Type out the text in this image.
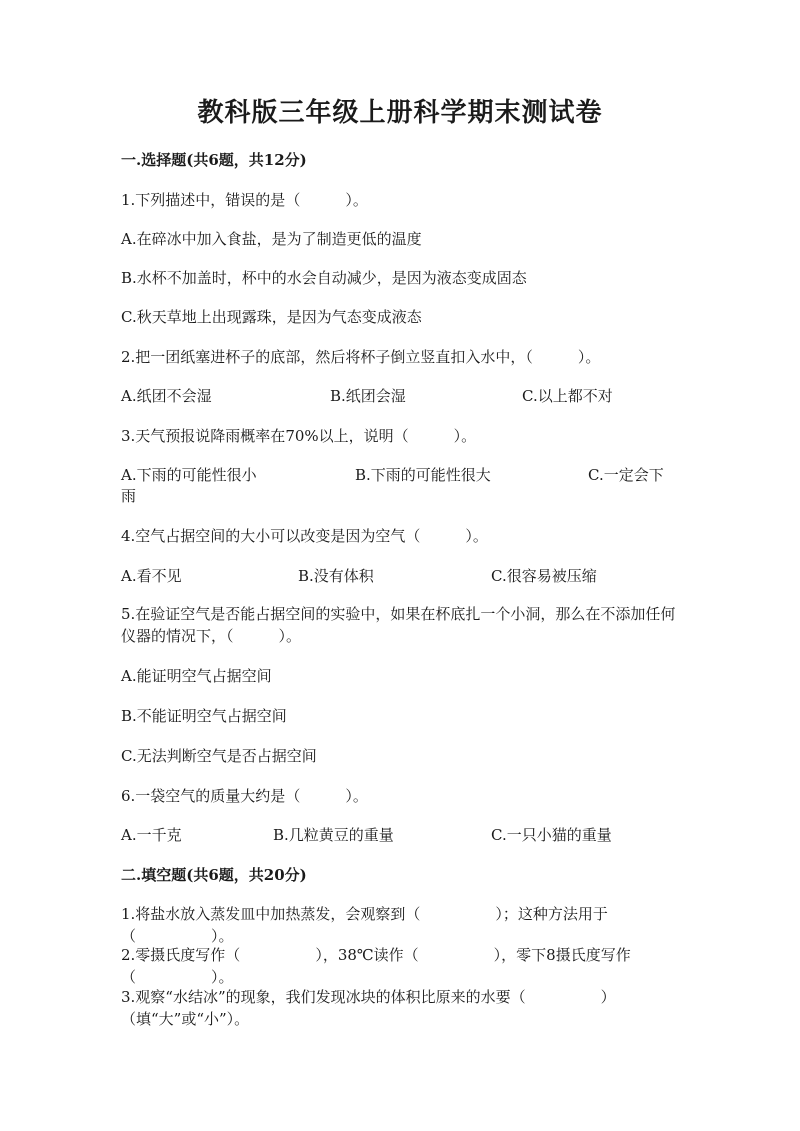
教科版三年级上册科学期末测试卷
一.选择题(共6题，共12分)
1.下列描述中，错误的是（　　　）。
A.在碎冰中加入食盐，是为了制造更低的温度
B.水杯不加盖时，杯中的水会自动减少，是因为液态变成固态
C.秋天草地上出现露珠，是因为气态变成液态
2.把一团纸塞进杯子的底部，然后将杯子倒立竖直扣入水中，（　　　）。
A.纸团不会湿	B.纸团会湿	C.以上都不对
3.天气预报说降雨概率在70%以上，说明（　　　）。
A.下雨的可能性很小	B.下雨的可能性很大	C.一定会下
雨
4.空气占据空间的大小可以改变是因为空气（　　　）。
A.看不见	B.没有体积	C.很容易被压缩
5.在验证空气是否能占据空间的实验中，如果在杯底扎一个小洞，那么在不添加任何仪器的情况下，（　　　）。
A.能证明空气占据空间
B.不能证明空气占据空间
C.无法判断空气是否占据空间
6.一袋空气的质量大约是（　　　）。
A.一千克	B.几粒黄豆的重量	C.一只小猫的重量
二.填空题(共6题，共20分)
1.将盐水放入蒸发皿中加热蒸发，会观察到（　　　　　）；这种方法用于（　　　　　）。
2.零摄氏度写作（　　　　　），38℃读作（　　　　　），零下8摄氏度写作（　　　　　）。
3.观察“水结冰”的现象，我们发现冰块的体积比原来的水要（　　　　　）（填“大”或“小”）。
